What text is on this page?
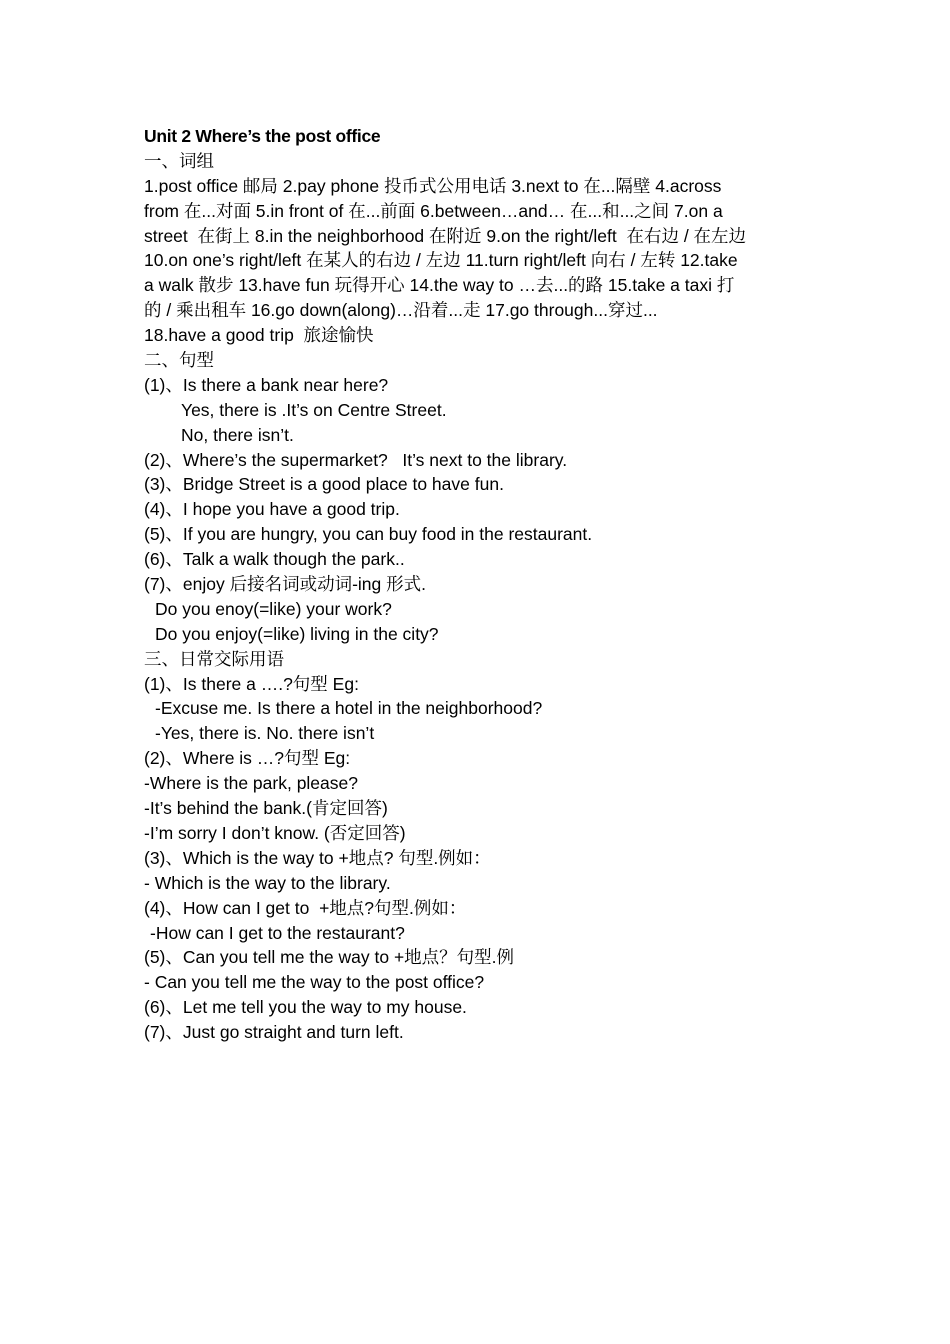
Unit 2 Where’s the post office
一、词组
1.post office 邮局 2.pay phone 投币式公用电话 3.next to 在...隔壁 4.across
from 在...对面 5.in front of 在...前面 6.between…and… 在...和...之间 7.on a
street  在街上 8.in the neighborhood 在附近 9.on the right/left  在右边 / 在左边
10.on one’s right/left 在某人的右边 / 左边 11.turn right/left 向右 / 左转 12.take
a walk 散步 13.have fun 玩得开心 14.the way to …去...的路 15.take a taxi 打
的 / 乘出租车 16.go down(along)…沿着...走 17.go through...穿过...
18.have a good trip  旅途愉快
二、句型
(1)、Is there a bank near here?
Yes, there is .It’s on Centre Street.
No, there isn’t.
(2)、Where’s the supermarket?   It’s next to the library.
(3)、Bridge Street is a good place to have fun.
(4)、I hope you have a good trip.
(5)、If you are hungry, you can buy food in the restaurant.
(6)、Talk a walk though the park..
(7)、enjoy 后接名词或动词-ing 形式.
Do you enoy(=like) your work?
Do you enjoy(=like) living in the city?
三、日常交际用语
(1)、Is there a ….?句型 Eg:
-Excuse me. Is there a hotel in the neighborhood?
-Yes, there is. No. there isn’t
(2)、Where is …?句型 Eg:
-Where is the park, please?
-It’s behind the bank.(肯定回答)
-I’m sorry I don’t know. (否定回答)
(3)、Which is the way to +地点? 句型.例如：
- Which is the way to the library.
(4)、How can I get to  +地点?句型.例如：
-How can I get to the restaurant?
(5)、Can you tell me the way to +地点？句型.例
- Can you tell me the way to the post office?
(6)、Let me tell you the way to my house.
(7)、Just go straight and turn left.
